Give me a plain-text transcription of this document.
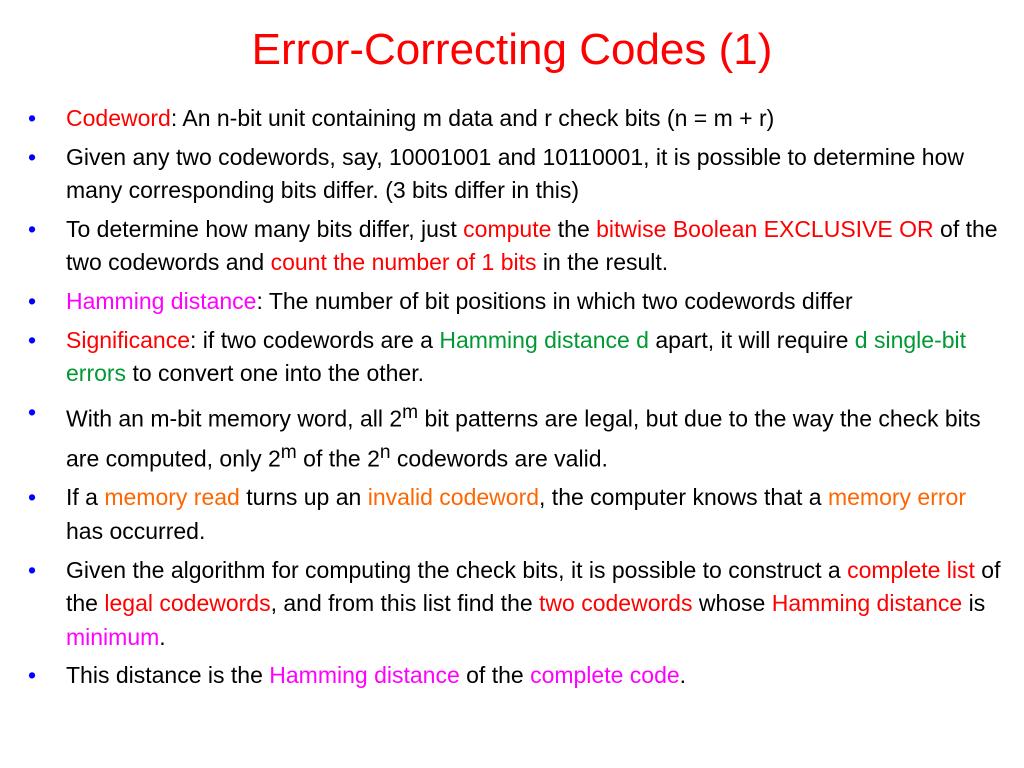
Error-Correcting Codes (1)
• Codeword: An n-bit unit containing m data and r check bits (n = m + r)
• Given any two codewords, say, 10001001 and 10110001, it is possible to determine how many corresponding bits differ. (3 bits differ in this)
• To determine how many bits differ, just compute the bitwise Boolean EXCLUSIVE OR of the two codewords and count the number of 1 bits in the result.
• Hamming distance: The number of bit positions in which two codewords differ
• Significance: if two codewords are a Hamming distance d apart, it will require d single-bit errors to convert one into the other.
• With an m-bit memory word, all 2$^m$ bit patterns are legal, but due to the way the check bits are computed, only 2$^m$ of the 2$^n$ codewords are valid.
• If a memory read turns up an invalid codeword, the computer knows that a memory error has occurred.
• Given the algorithm for computing the check bits, it is possible to construct a complete list of the legal codewords, and from this list find the two codewords whose Hamming distance is minimum.
• This distance is the Hamming distance of the complete code.
